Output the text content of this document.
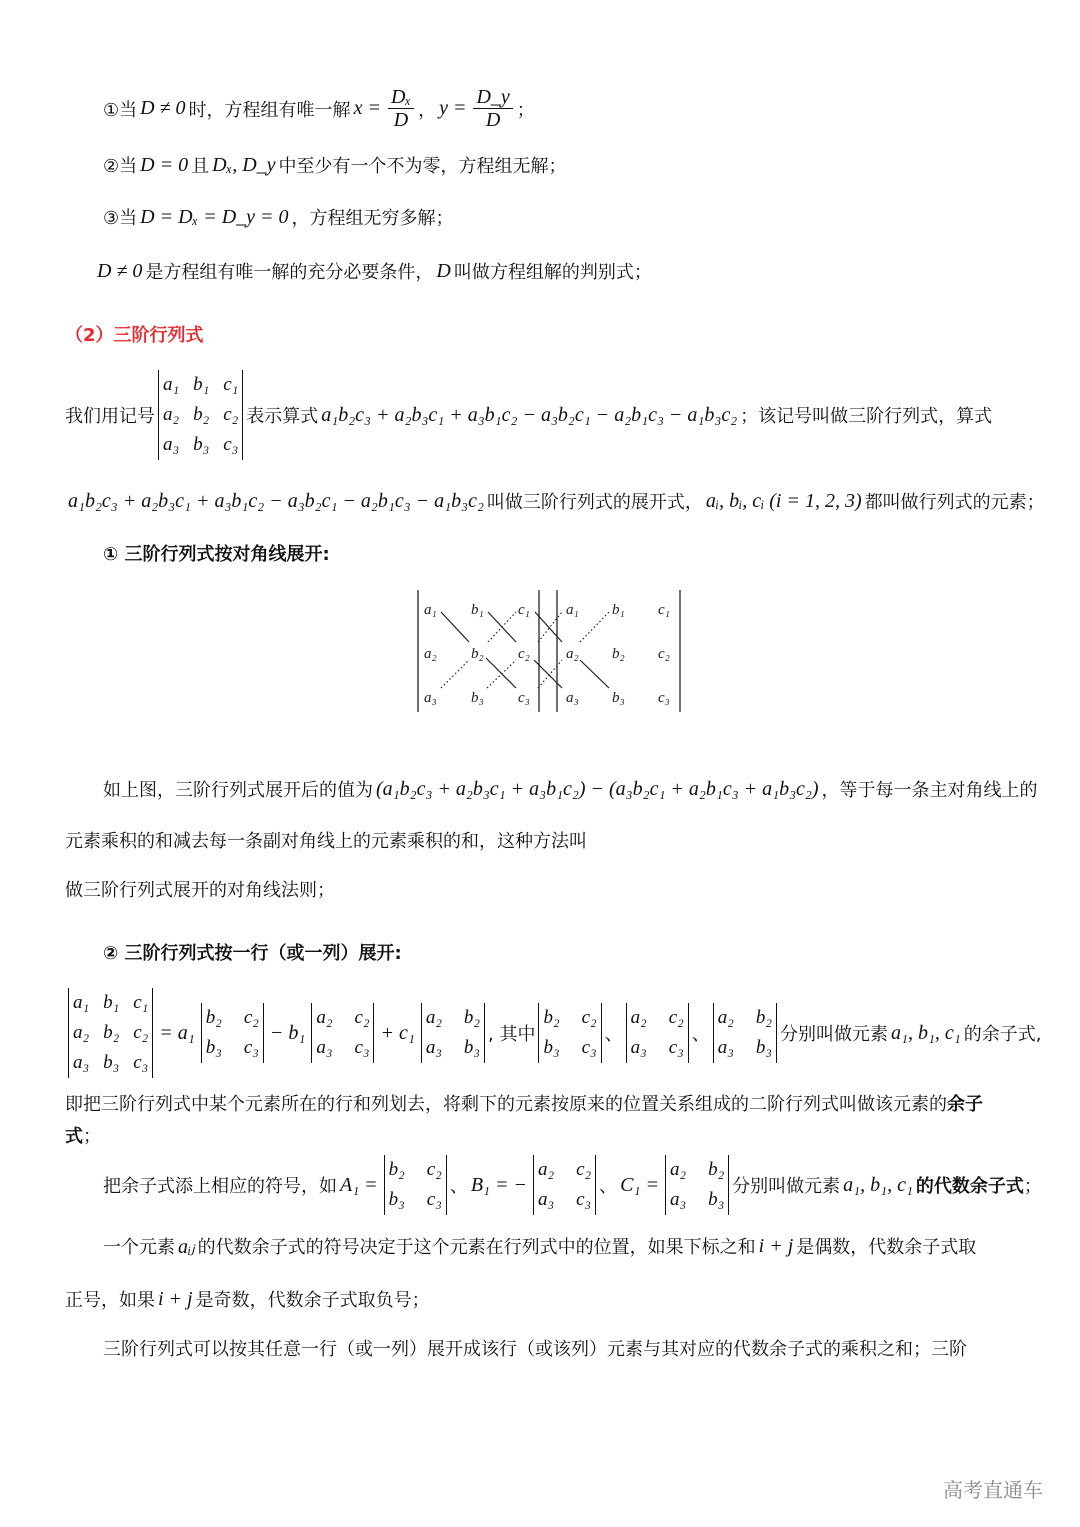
①当 D ≠ 0 时，方程组有唯一解 $x = \frac{\text{Dₓ}}{D}$ ， $y = \frac{D\_y}{D}$ ；
②当 D = 0 且 Dₓ, D_y 中至少有一个不为零，方程组无解；
③当 D = Dₓ = D_y = 0 ，方程组无穷多解；
D ≠ 0 是方程组有唯一解的充分必要条件， D 叫做方程组解的判别式；
（2）三阶行列式
我们用记号
a₁ b₁ c₁
a₂ b₂ c₂
a₃ b₃ c₃
表示算式 a₁b₂c₃ + a₂b₃c₁ + a₃b₁c₂ − a₃b₂c₁ − a₂b₁c₃ − a₁b₃c₂ ；该记号叫做三阶行列式，算式
a₁b₂c₃ + a₂b₃c₁ + a₃b₁c₂ − a₃b₂c₁ − a₂b₁c₃ − a₁b₃c₂ 叫做三阶行列式的展开式， aᵢ, bᵢ, cᵢ (i = 1, 2, 3) 都叫做行列式的元素；
① 三阶行列式按对角线展开:
a₁ b₁ c₁ a₁ b₁ c₁
a₂ b₂ c₂ a₂ b₂ c₂
a₃ b₃ c₃ a₃ b₃ c₃
如上图，三阶行列式展开后的值为 (a₁b₂c₃ + a₂b₃c₁ + a₃b₁c₂) − (a₃b₂c₁ + a₂b₁c₃ + a₁b₃c₂) ，等于每一条主对角线上的
元素乘积的和减去每一条副对角线上的元素乘积的和，这种方法叫
做三阶行列式展开的对角线法则；
② 三阶行列式按一行（或一列）展开:
a₁ b₁ c₁
a₂ b₂ c₂
a₃ b₃ c₃
= a₁
b₂ c₂
b₃ c₃
− b₁
a₂ c₂
a₃ c₃
+ c₁
a₂ b₂
a₃ b₃
, 其中
b₂ c₂
b₃ c₃
、
a₂ c₂
a₃ c₃
、
a₂ b₂
a₃ b₃
分别叫做元素 a₁, b₁, c₁ 的余子式,
即把三阶行列式中某个元素所在的行和列划去，将剩下的元素按原来的位置关系组成的二阶行列式叫做该元素的 余子
式 ；
把余子式添上相应的符号，如 A₁ =
b₂ c₂
b₃ c₃
、 B₁ = −
a₂ c₂
a₃ c₃
、 C₁ =
a₂ b₂
a₃ b₃
分别叫做元素 a₁, b₁, c₁ 的代数余子式 ；
一个元素 aᵢⱼ 的代数余子式的符号决定于这个元素在行列式中的位置，如果下标之和 i + j 是偶数，代数余子式取
正号，如果 i + j 是奇数，代数余子式取负号；
三阶行列式可以按其任意一行（或一列）展开成该行（或该列）元素与其对应的代数余子式的乘积之和；三阶
高考直通车
